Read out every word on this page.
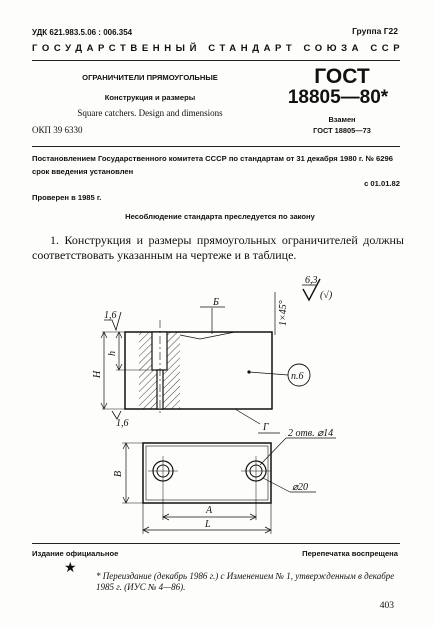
УДК 621.983.5.06 : 006.354	Группа Г22
ГОСУДАРСТВЕННЫЙ СТАНДАРТ СОЮЗА ССР
ОГРАНИЧИТЕЛИ ПРЯМОУГОЛЬНЫЕ
Конструкция и размеры
Square catchers. Design and dimensions
ОКП 39 6330
ГОСТ
18805—80*
Взамен
ГОСТ 18805—73
Постановлением Государственного комитета СССР по стандартам от 31 декабря 1980 г. № 6296 срок введения установлен
с 01.01.82
Проверен в 1985 г.
Несоблюдение стандарта преследуется по закону
1. Конструкция и размеры прямоугольных ограничителей должны соответствовать указанным на чертеже и в таблице.
6,3
(√)
1×45°
Б
п.6
Г
Н
h
1,6
1,6
2 отв. ⌀14
⌀20
В
А
L
Издание официальное	Перепечатка воспрещена
★
* Переиздание (декабрь 1986 г.) с Изменением № 1, утвержденным в декабре 1985 г. (ИУС № 4—86).
403
